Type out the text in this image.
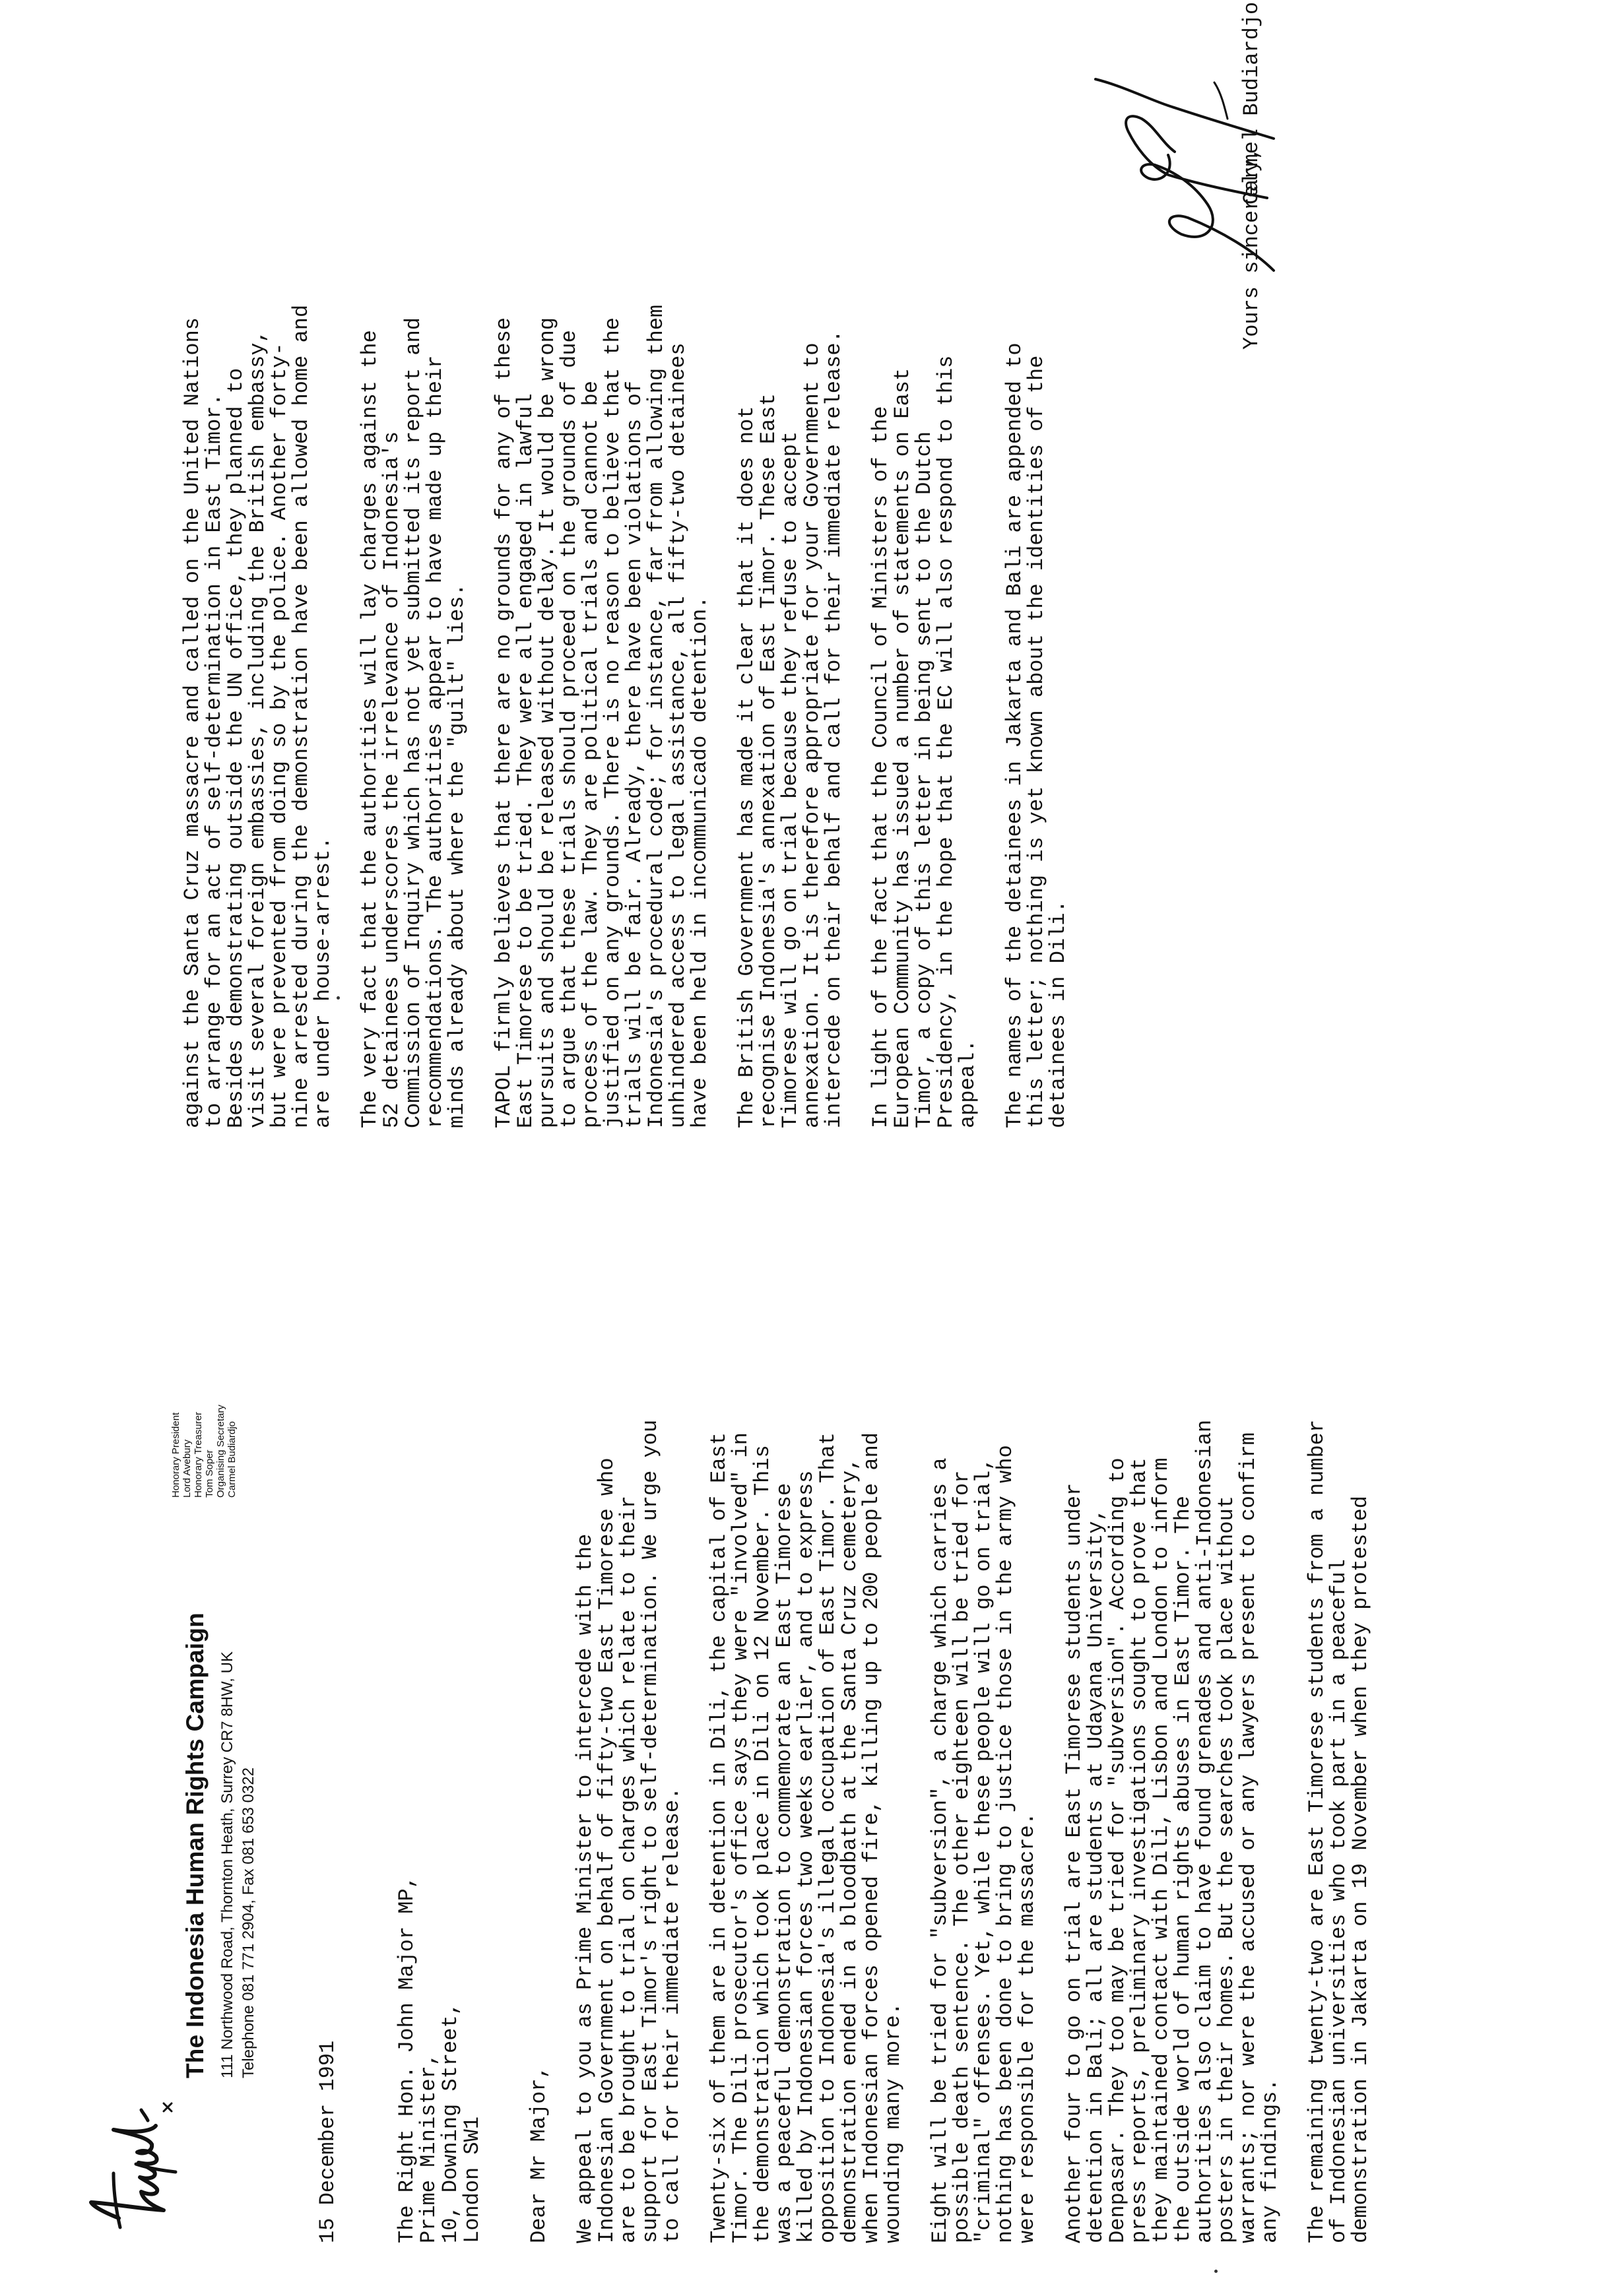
The Indonesia Human Rights Campaign 111 Northwood Road, Thornton Heath, Surrey CR7 8HW, UK Telephone 081 771 2904, Fax 081 653 0322
Honorary President Lord Avebury Honorary Treasurer Tom Soper Organising Secretary Carmel Budiardjo
15 December 1991	The Right Hon. John Major MP,
Prime Minister,
10, Downing Street,
London SW1 Dear Mr Major, We appeal to you as Prime Minister to intercede with the
Indonesian Government on behalf of fifty-two East Timorese who
are to be brought to trial on charges which relate to their
support for East Timor's right to self-determination. We urge you
to call for their immediate release. Twenty-six of them are in detention in Dili, the capital of East
Timor. The Dili prosecutor's office says they were "involved" in
the demonstration which took place in Dili on 12 November. This
was a peaceful demonstration to commemorate an East Timorese
killed by Indonesian forces two weeks earlier, and to express
opposition to Indonesia's illegal occupation of East Timor. That
demonstration ended in a bloodbath at the Santa Cruz cemetery,
when Indonesian forces opened fire, killing up to 200 people and
wounding many more. Eight will be tried for "subversion", a charge which carries a
possible death sentence. The other eighteen will be tried for
"criminal" offenses. Yet, while these people will go on trial,
nothing has been done to bring to justice those in the army who
were responsible for the massacre. Another four to go on trial are East Timorese students under
detention in Bali; all are students at Udayana University,
Denpasar. They too may be tried for "subversion". According to
press reports, preliminary investigations sought to prove that
they maintained contact with Dili, Lisbon and London to inform
the outside world of human rights abuses in East Timor. The
authorities also claim to have found grenades and anti-Indonesian
posters in their homes. But the searches took place without
warrants; nor were the accused or any lawyers present to confirm
any findings. The remaining twenty-two are East Timorese students from a number
of Indonesian universities who took part in a peaceful
demonstration in Jakarta on 19 November when they protested
against the Santa Cruz massacre and called on the United Nations
to arrange for an act of self-determination in East Timor.
Besides demonstrating outside the UN office, they planned to
visit several foreign embassies, including the British embassy,
but were prevented from doing so by the police. Another forty-
nine arrested during the demonstration have been allowed home and
are under house-arrest. The very fact that the authorities will lay charges against the
52 detainees underscores the irrelevance of Indonesia's
Commission of Inquiry which has not yet submitted its report and
recommendations. The authorities appear to have made up their
minds already about where the "guilt" lies. TAPOL firmly believes that there are no grounds for any of these
East Timorese to be tried. They were all engaged in lawful
pursuits and should be released without delay. It would be wrong
to argue that these trials should proceed on the grounds of due
process of the law. They are political trials and cannot be
justified on any grounds. There is no reason to believe that the
trials will be fair. Already, there have been violations of
Indonesia's procedural code; for instance, far from allowing them
unhindered access to legal assistance, all fifty-two detainees
have been held in incommunicado detention. The British Government has made it clear that it does not
recognise Indonesia's annexation of East Timor. These East
Timorese will go on trial because they refuse to accept
annexation. It is therefore appropriate for your Government to
intercede on their behalf and call for their immediate release. In light of the fact that the Council of Ministers of the
European Community has issued a number of statements on East
Timor, a copy of this letter in being sent to the Dutch
Presidency, in the hope that the EC will also respond to this
appeal. The names of the detainees in Jakarta and Bali are appended to
this letter; nothing is yet known about the identities of the
detainees in Dili.
Yours sincerely,
Carmel Budiardjo
